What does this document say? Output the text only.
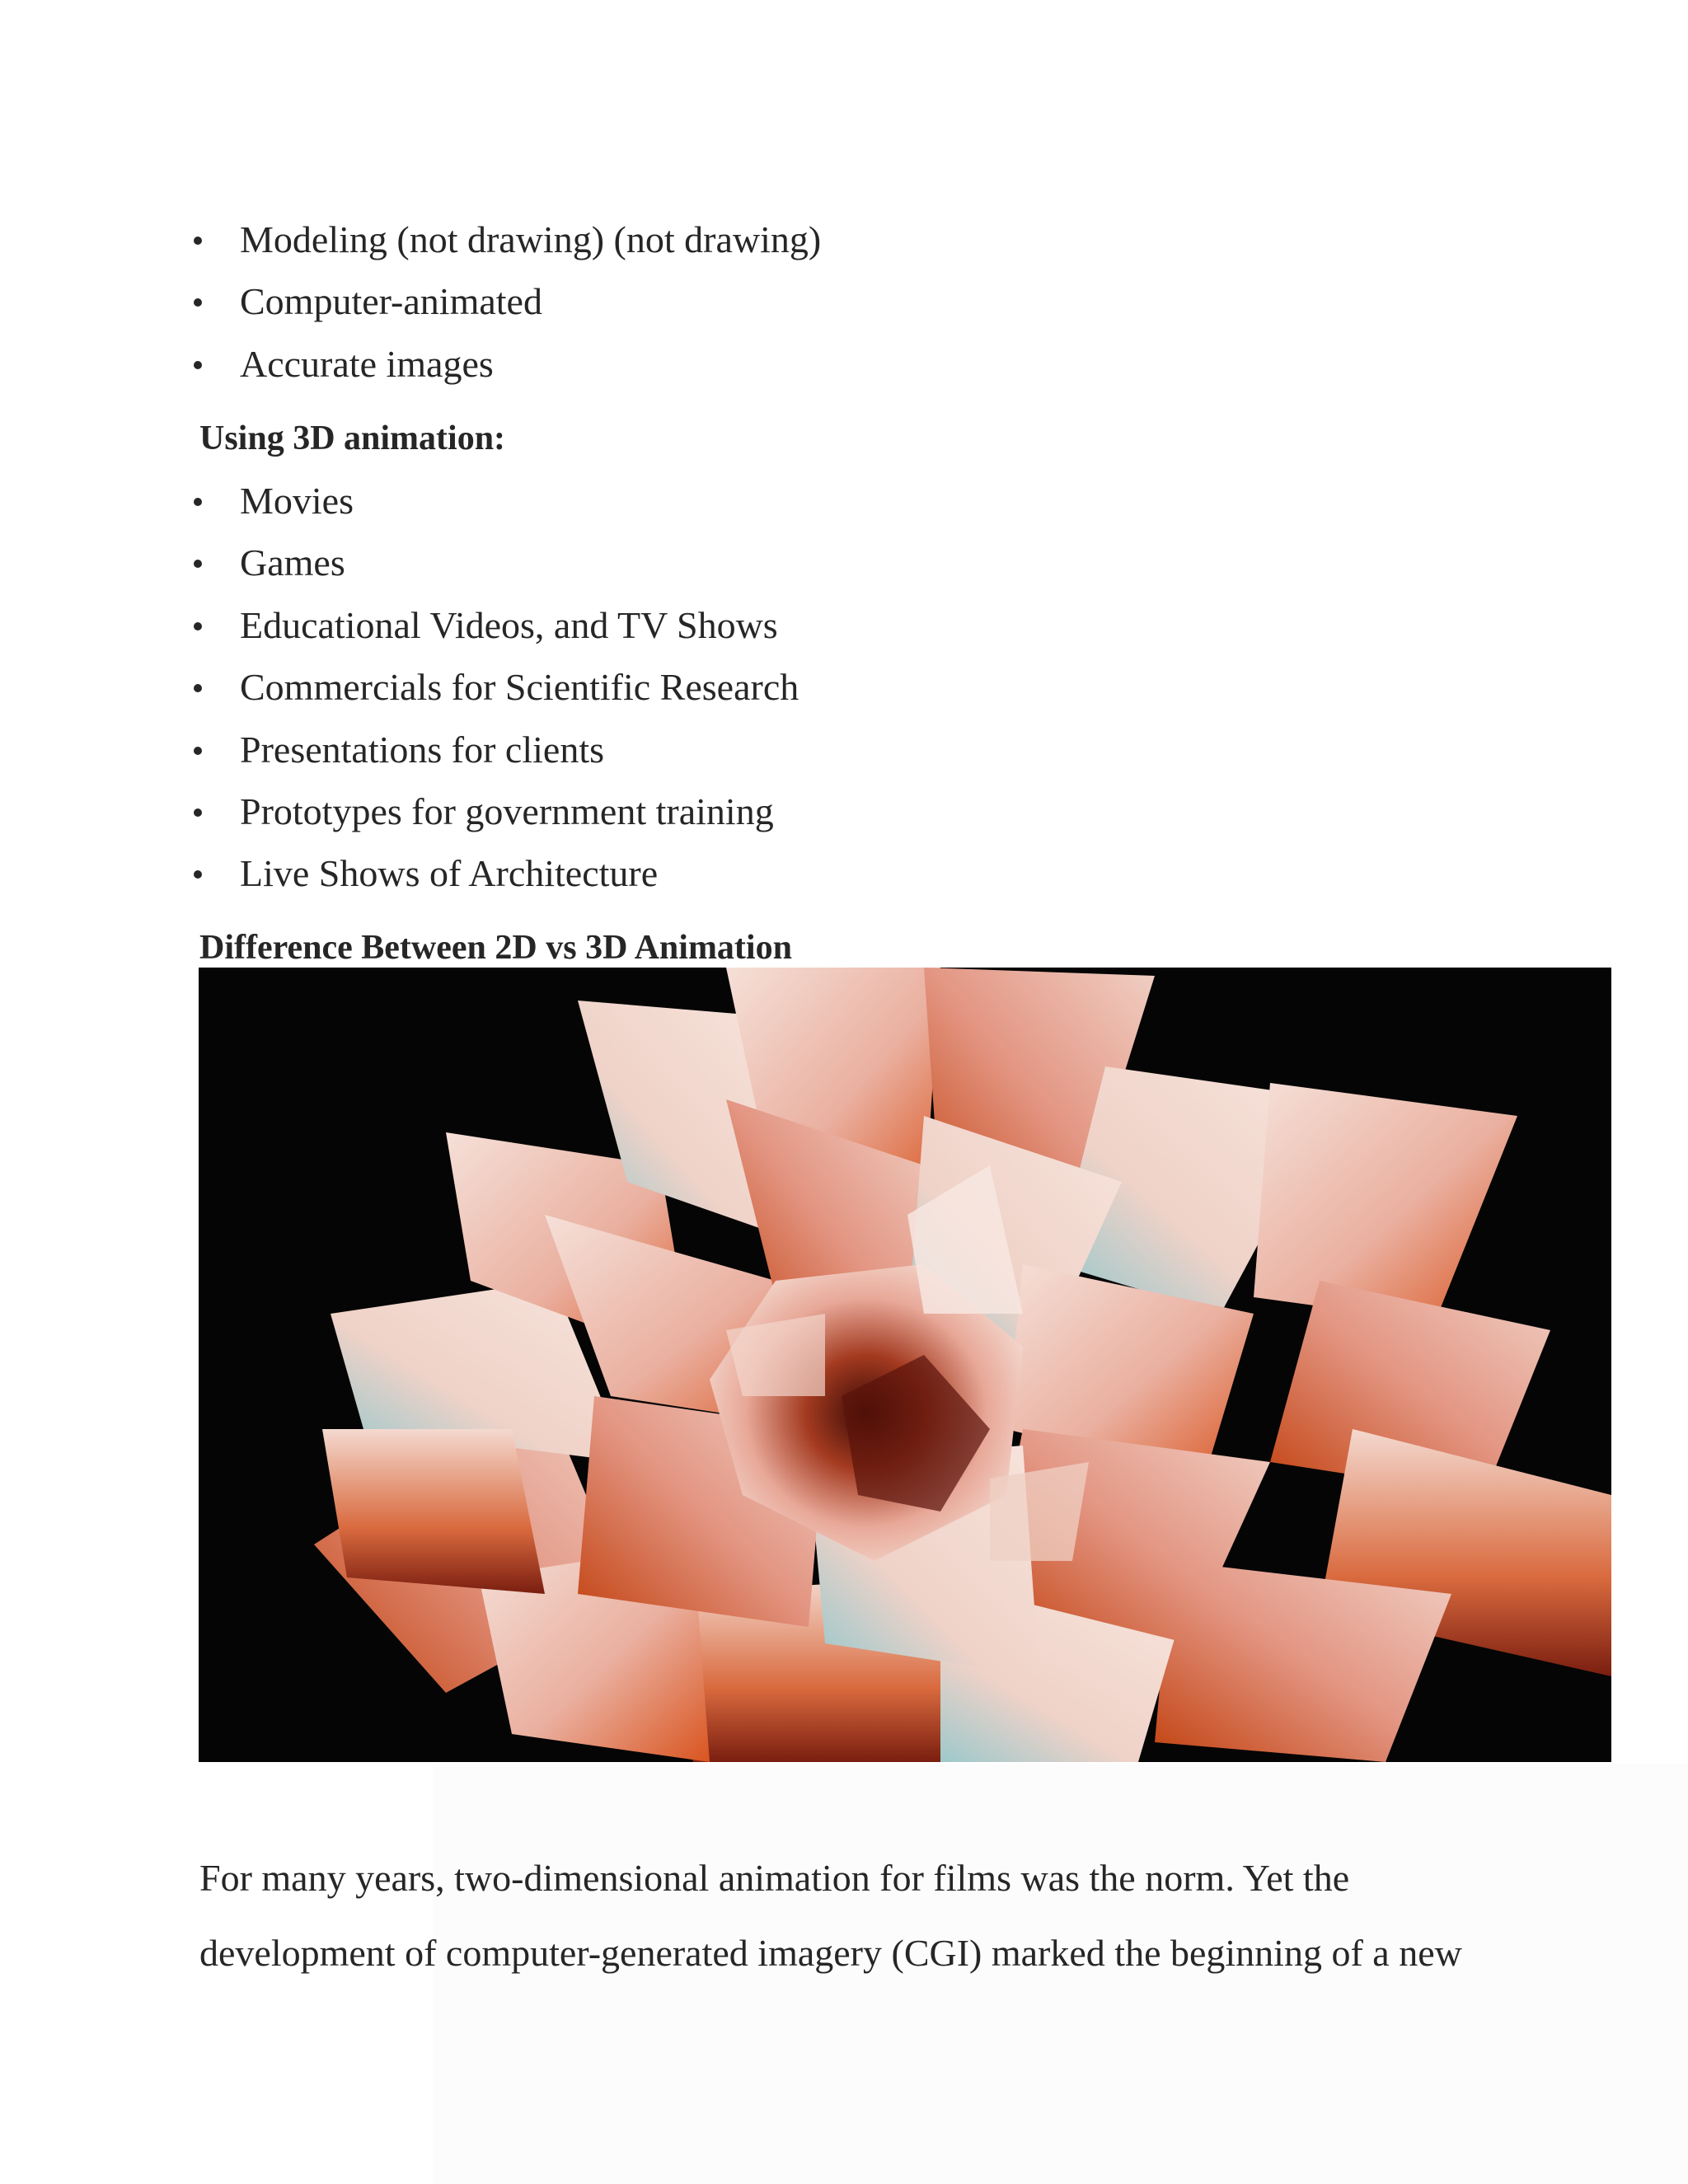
Modeling (not drawing) (not drawing)
Computer-animated
Accurate images
Using 3D animation:
Movies
Games
Educational Videos, and TV Shows
Commercials for Scientific Research
Presentations for clients
Prototypes for government training
Live Shows of Architecture
Difference Between 2D vs 3D Animation
For many years, two-dimensional animation for films was the norm. Yet the
development of computer-generated imagery (CGI) marked the beginning of a new
